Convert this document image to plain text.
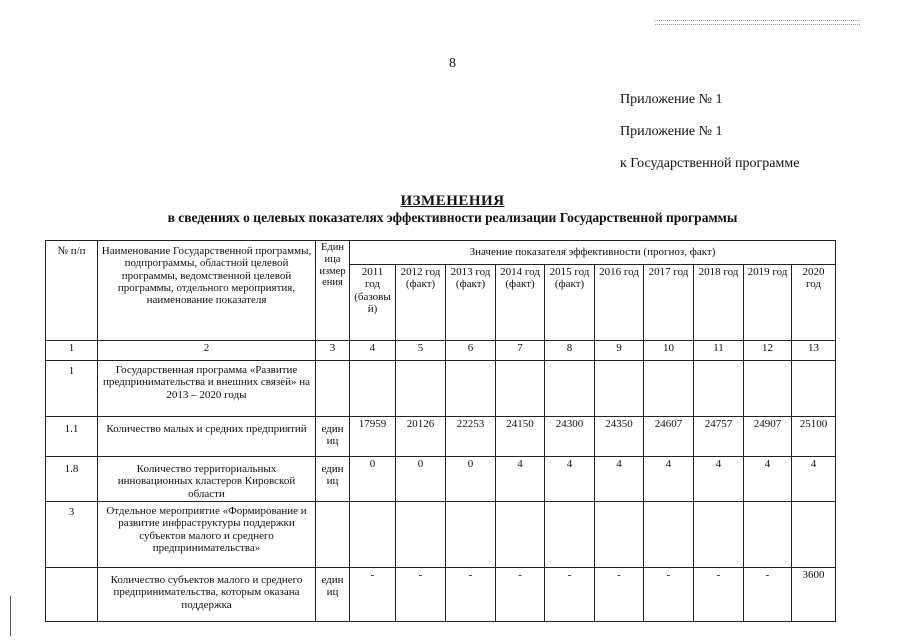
8
Приложение № 1
Приложение № 1
к Государственной программе
ИЗМЕНЕНИЯ
в сведениях о целевых показателях эффективности реализации Государственной программы
№ п/п	Наименование Государственной программы, подпрограммы, областной целевой программы, ведомственной целевой программы, отдельного мероприятия, наименование показателя	Единица измерения	Значение показателя эффективности (прогноз, факт)									
			2011 год (базовый)	2012 год (факт)	2013 год (факт)	2014 год (факт)	2015 год (факт)	2016 год	2017 год	2018 год	2019 год	2020 год
1	2	3	4	5	6	7	8	9	10	11	12	13
1	Государственная программа «Развитие предпринимательства и внешних связей» на 2013 – 2020 годы											
1.1	Количество малых и средних предприятий	единиц	17959	20126	22253	24150	24300	24350	24607	24757	24907	25100
1.8	Количество территориальных инновационных кластеров Кировской области	единиц	0	0	0	4	4	4	4	4	4	4
3	Отдельное мероприятие «Формирование и развитие инфраструктуры поддержки субъектов малого и среднего предпринимательства»											
	Количество субъектов малого и среднего предпринимательства, которым оказана поддержка	единиц	-	-	-	-	-	-	-	-	-	3600
